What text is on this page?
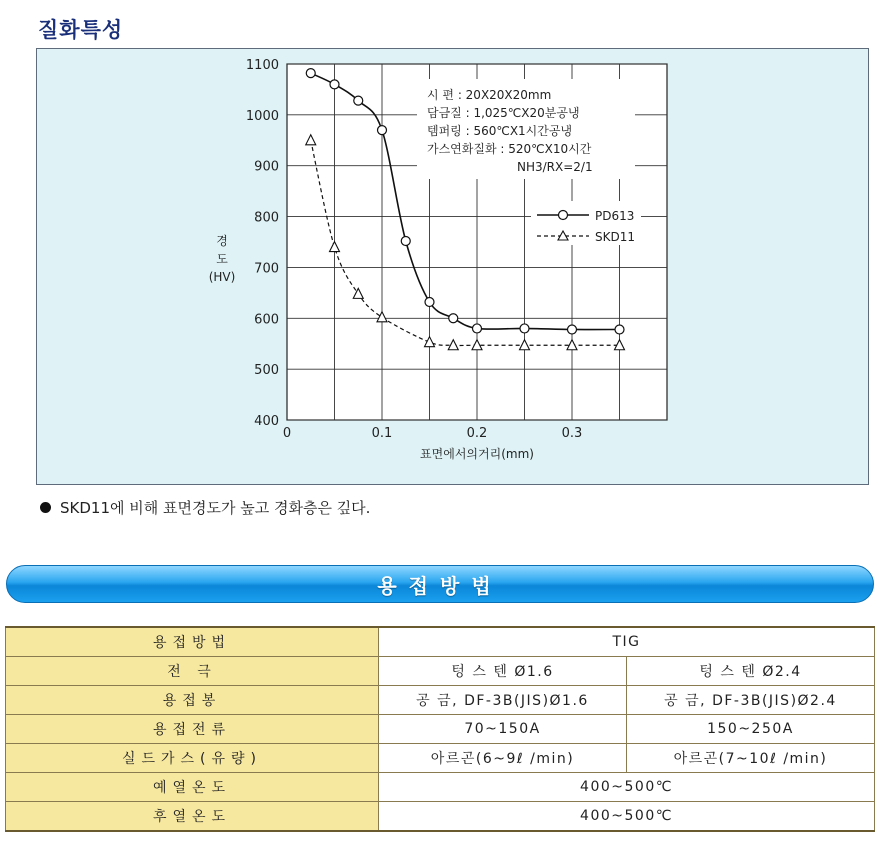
질화특성
400
500
600
700
800
900
1000
1100
0	0.1	0.2	0.3
표면에서의거리(mm)
경
도
(HV)
시 편 : 20X20X20mm
담금질 : 1,025℃X20분공냉
템퍼링 : 560℃X1시간공냉
가스연화질화 : 520℃X10시간
NH3/RX=2/1
PD613
SKD11
SKD11에 비해 표면경도가 높고 경화층은 깊다.
용접방법
용접방법	TIG	
전 극	텅 스 텐 Ø1.6	텅 스 텐 Ø2.4
용접봉	공 금, DF-3B(JIS)Ø1.6	공 금, DF-3B(JIS)Ø2.4
용접전류	70~150A	150~250A
실드가스(유량)	아르곤(6~9ℓ /min)	아르곤(7~10ℓ /min)
예열온도	400~500℃	
후열온도	400~500℃	
